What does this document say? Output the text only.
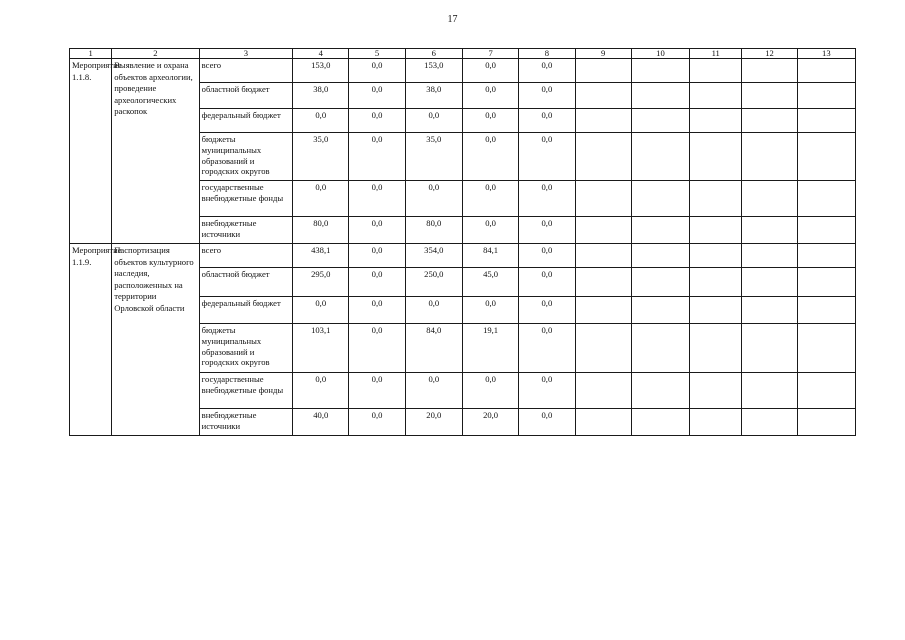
17
1	2	3	4	5	6	7	8	9	10	11	12	13
Мероприятие 1.1.8.	Выявление и охрана объектов археологии, проведение археологических раскопок	всего	153,0	0,0	153,0	0,0	0,0					
		областной бюджет	38,0	0,0	38,0	0,0	0,0					
		федеральный бюджет	0,0	0,0	0,0	0,0	0,0					
		бюджеты муниципальных образований и городских округов	35,0	0,0	35,0	0,0	0,0					
		государственные внебюджетные фонды	0,0	0,0	0,0	0,0	0,0					
		внебюджетные источники	80,0	0,0	80,0	0,0	0,0					
Мероприятие 1.1.9.	Паспортизация объектов культурного наследия, расположенных на территории Орловской области	всего	438,1	0,0	354,0	84,1	0,0					
		областной бюджет	295,0	0,0	250,0	45,0	0,0					
		федеральный бюджет	0,0	0,0	0,0	0,0	0,0					
		бюджеты муниципальных образований и городских округов	103,1	0,0	84,0	19,1	0,0					
		государственные внебюджетные фонды	0,0	0,0	0,0	0,0	0,0					
		внебюджетные источники	40,0	0,0	20,0	20,0	0,0					
